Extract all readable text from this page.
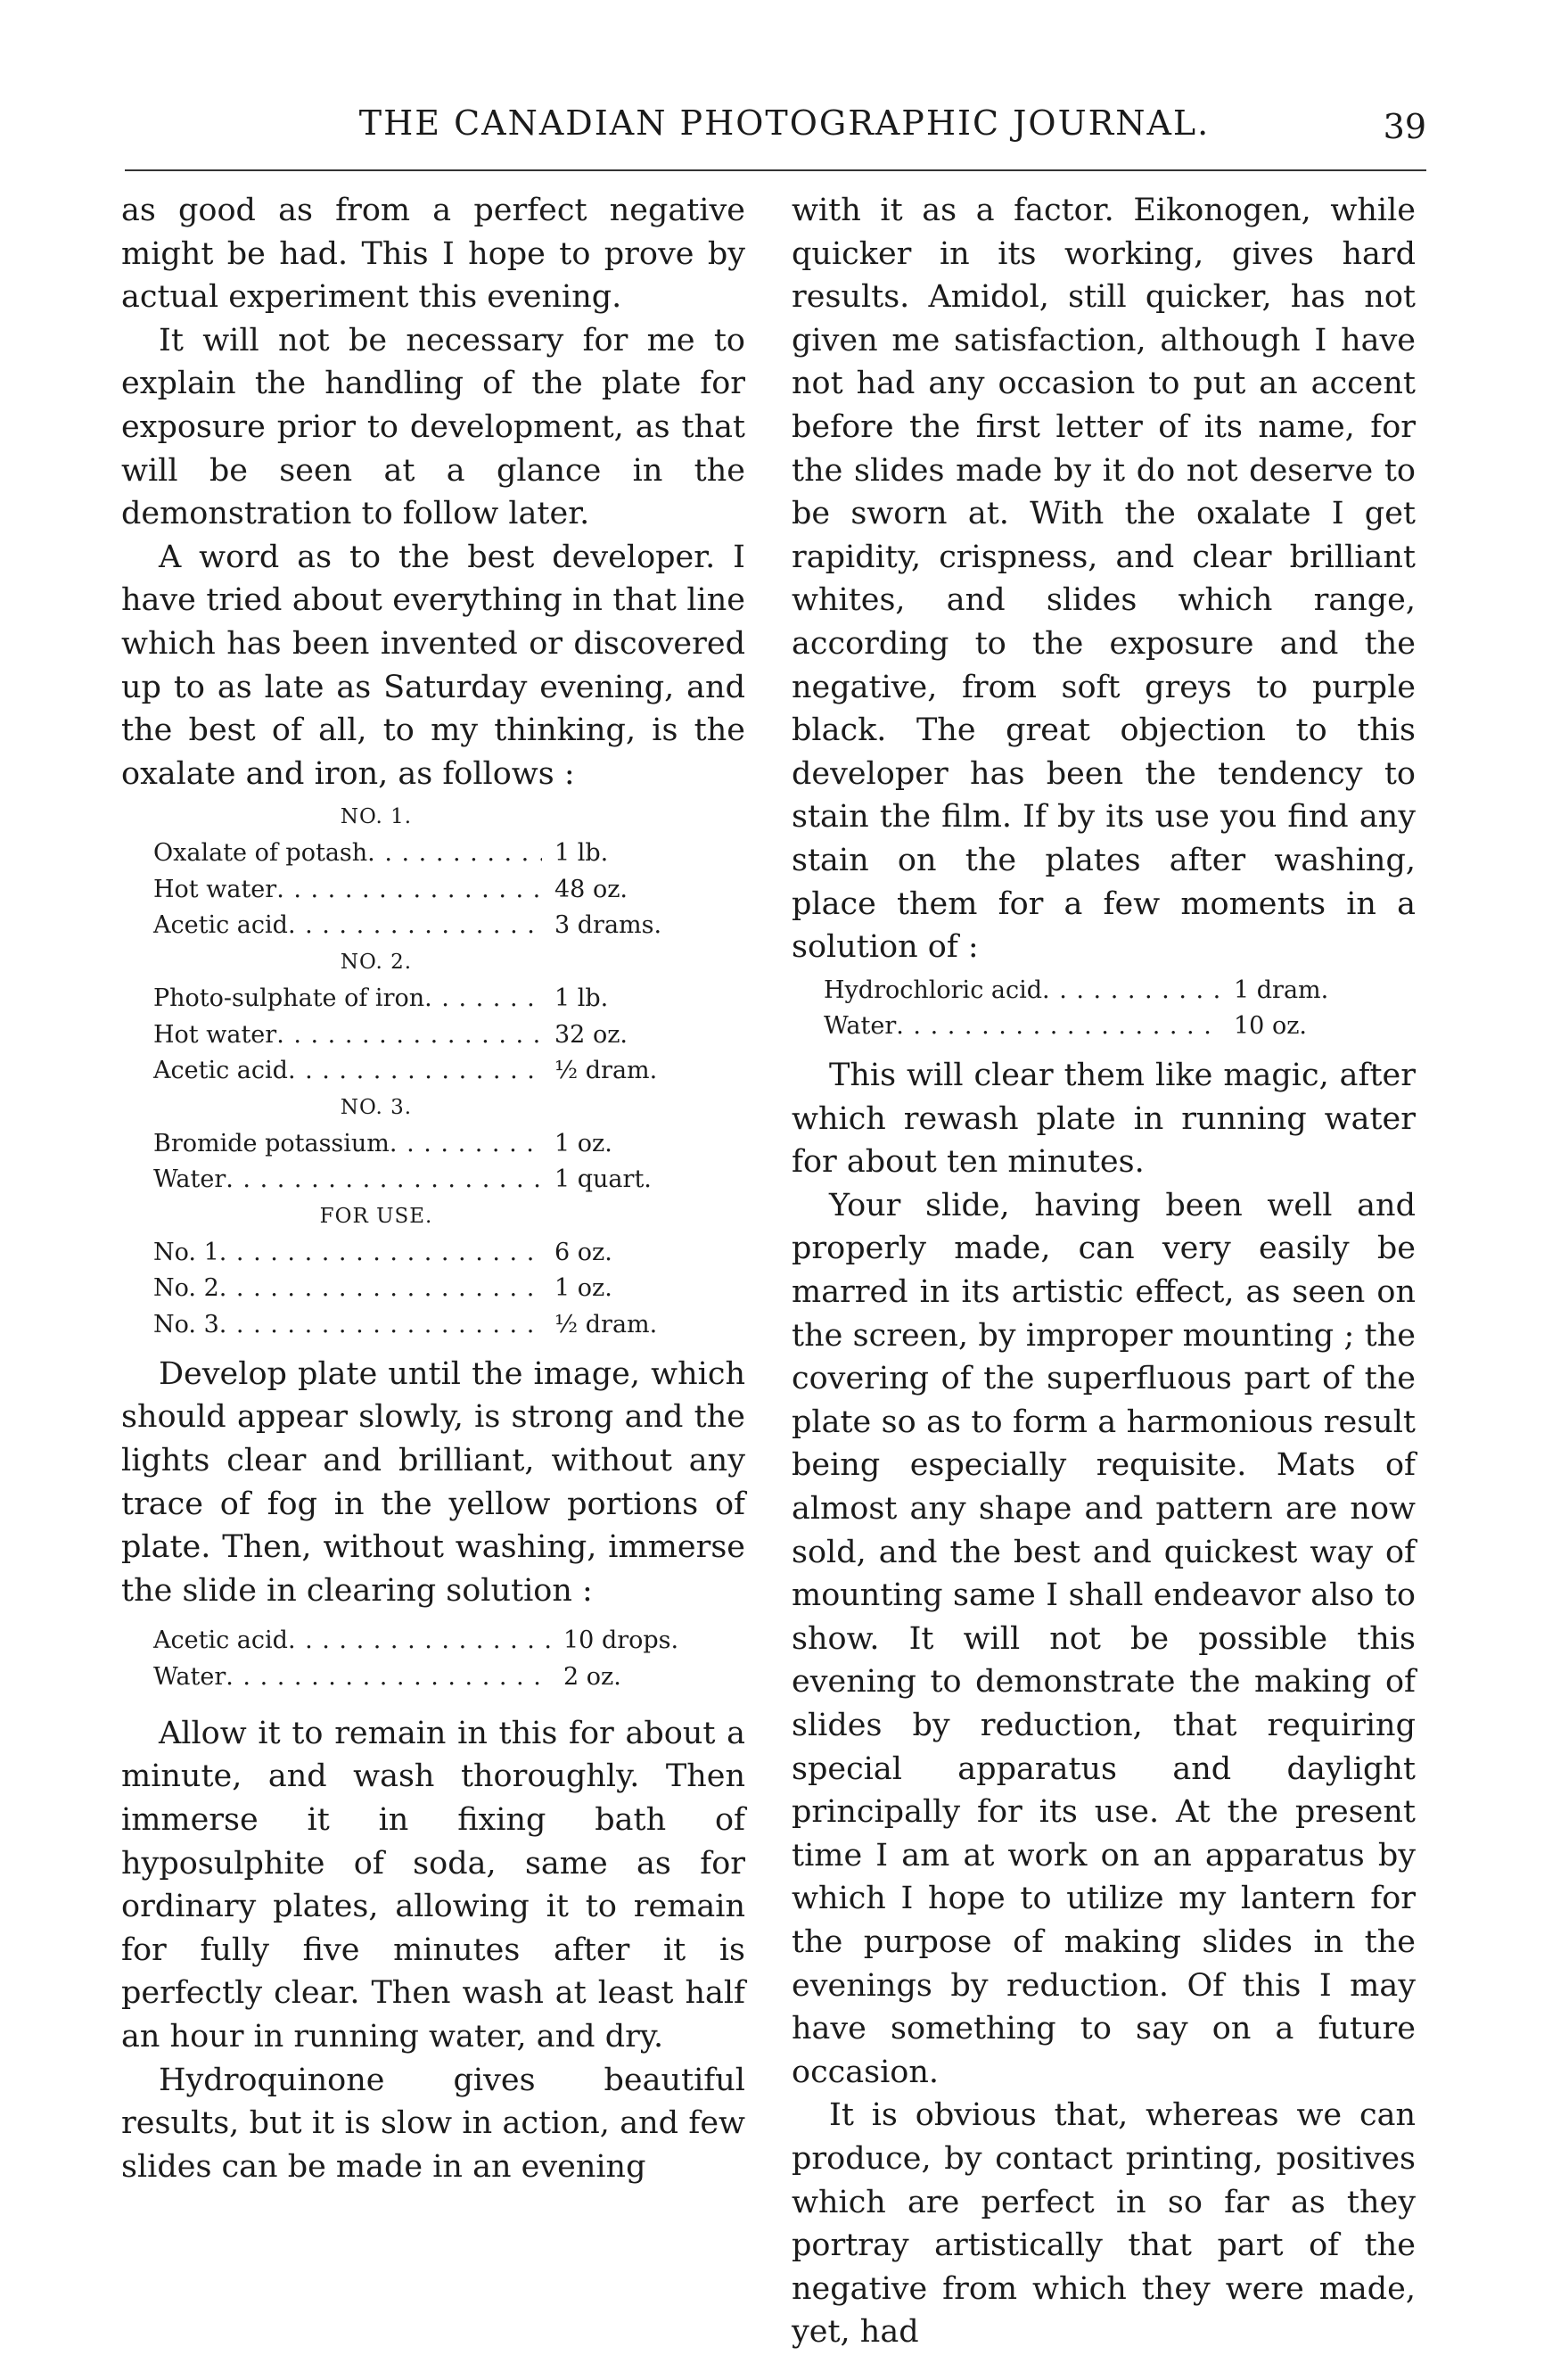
THE CANADIAN PHOTOGRAPHIC JOURNAL.	39

as good as from a perfect negative might be had. This I hope to prove by actual experiment this evening.

It will not be necessary for me to explain the handling of the plate for exposure prior to development, as that will be seen at a glance in the demonstration to follow later.

A word as to the best developer. I have tried about everything in that line which has been invented or discovered up to as late as Saturday evening, and the best of all, to my thinking, is the oxalate and iron, as follows :

NO. 1.
Oxalate of potash . . .	1 lb.
Hot water . . .	48 oz.
Acetic acid . . .	3 drams.
NO. 2.
Photo-sulphate of iron . . .	1 lb.
Hot water . . .	32 oz.
Acetic acid . . .	½ dram.
NO. 3.
Bromide potassium . . .	1 oz.
Water . . .	1 quart.
FOR USE.
No. 1 . . .	6 oz.
No. 2 . . .	1 oz.
No. 3 . . .	½ dram.

Develop plate until the image, which should appear slowly, is strong and the lights clear and brilliant, without any trace of fog in the yellow portions of plate. Then, without washing, immerse the slide in clearing solution :

Acetic acid . . .	10 drops.
Water . . .	2 oz.

Allow it to remain in this for about a minute, and wash thoroughly. Then immerse it in fixing bath of hyposulphite of soda, same as for ordinary plates, allowing it to remain for fully five minutes after it is perfectly clear. Then wash at least half an hour in running water, and dry.

Hydroquinone gives beautiful results, but it is slow in action, and few slides can be made in an evening

with it as a factor. Eikonogen, while quicker in its working, gives hard results. Amidol, still quicker, has not given me satisfaction, although I have not had any occasion to put an accent before the first letter of its name, for the slides made by it do not deserve to be sworn at. With the oxalate I get rapidity, crispness, and clear brilliant whites, and slides which range, according to the exposure and the negative, from soft greys to purple black. The great objection to this developer has been the tendency to stain the film. If by its use you find any stain on the plates after washing, place them for a few moments in a solution of :

Hydrochloric acid . . .	1 dram.
Water . . .	10 oz.

This will clear them like magic, after which rewash plate in running water for about ten minutes.

Your slide, having been well and properly made, can very easily be marred in its artistic effect, as seen on the screen, by improper mounting ; the covering of the superfluous part of the plate so as to form a harmonious result being especially requisite. Mats of almost any shape and pattern are now sold, and the best and quickest way of mounting same I shall endeavor also to show. It will not be possible this evening to demonstrate the making of slides by reduction, that requiring special apparatus and daylight principally for its use. At the present time I am at work on an apparatus by which I hope to utilize my lantern for the purpose of making slides in the evenings by reduction. Of this I may have something to say on a future occasion.

It is obvious that, whereas we can produce, by contact printing, positives which are perfect in so far as they portray artistically that part of the negative from which they were made, yet, had
